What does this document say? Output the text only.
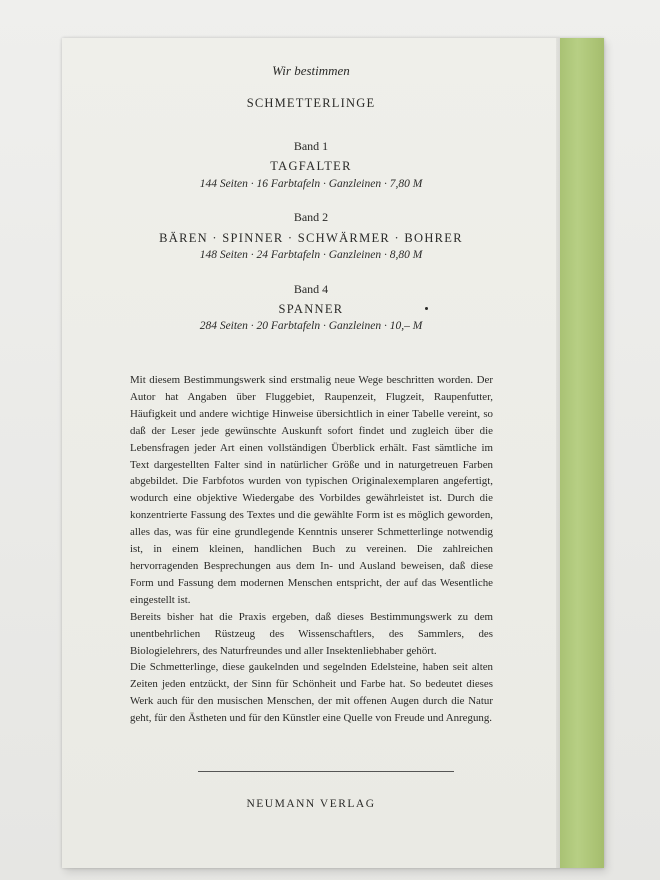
Wir bestimmen
SCHMETTERLINGE
Band 1
TAGFALTER
144 Seiten · 16 Farbtafeln · Ganzleinen · 7,80 M
Band 2
BÄREN · SPINNER · SCHWÄRMER · BOHRER
148 Seiten · 24 Farbtafeln · Ganzleinen · 8,80 M
Band 4
SPANNER
284 Seiten · 20 Farbtafeln · Ganzleinen · 10,– M

Mit diesem Bestimmungswerk sind erstmalig neue Wege beschritten worden. Der Autor hat Angaben über Fluggebiet, Raupenzeit, Flugzeit, Raupenfutter, Häufigkeit und andere wichtige Hinweise übersichtlich in einer Tabelle vereint, so daß der Leser jede gewünschte Auskunft sofort findet und zugleich über die Lebensfragen jeder Art einen vollständigen Überblick erhält. Fast sämtliche im Text dargestellten Falter sind in natürlicher Größe und in naturgetreuen Farben abgebildet. Die Farbfotos wurden von typischen Originalexemplaren angefertigt, wodurch eine objektive Wiedergabe des Vorbildes gewährleistet ist. Durch die konzentrierte Fassung des Textes und die gewählte Form ist es möglich geworden, alles das, was für eine grundlegende Kenntnis unserer Schmetterlinge notwendig ist, in einem kleinen, handlichen Buch zu vereinen. Die zahlreichen hervorragenden Besprechungen aus dem In- und Ausland beweisen, daß diese Form und Fassung dem modernen Menschen entspricht, der auf das Wesentliche eingestellt ist.

Bereits bisher hat die Praxis ergeben, daß dieses Bestimmungswerk zu dem unentbehrlichen Rüstzeug des Wissenschaftlers, des Sammlers, des Biologielehrers, des Naturfreundes und aller Insektenliebhaber gehört.

Die Schmetterlinge, diese gaukelnden und segelnden Edelsteine, haben seit alten Zeiten jeden entzückt, der Sinn für Schönheit und Farbe hat. So bedeutet dieses Werk auch für den musischen Menschen, der mit offenen Augen durch die Natur geht, für den Ästheten und für den Künstler eine Quelle von Freude und Anregung.

NEUMANN VERLAG
